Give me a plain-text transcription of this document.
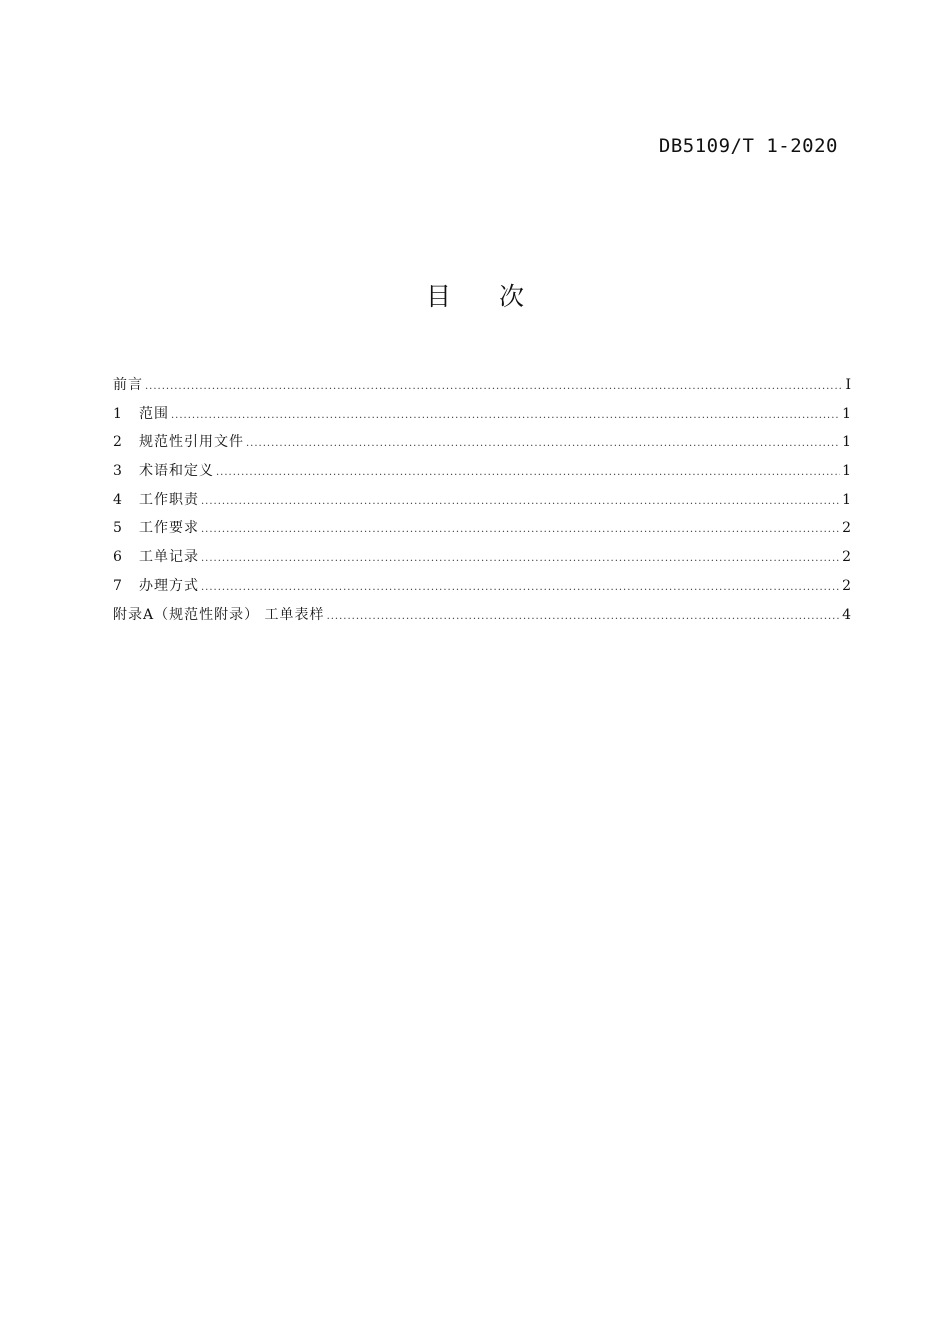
DB5109/T 1-2020
目次
前言 .....	I
1	范围 .....	1
2	规范性引用文件 .....	1
3	术语和定义 .....	1
4	工作职责 .....	1
5	工作要求 .....	2
6	工单记录 .....	2
7	办理方式 .....	2
附录A（规范性附录） 工单表样 .....	4
